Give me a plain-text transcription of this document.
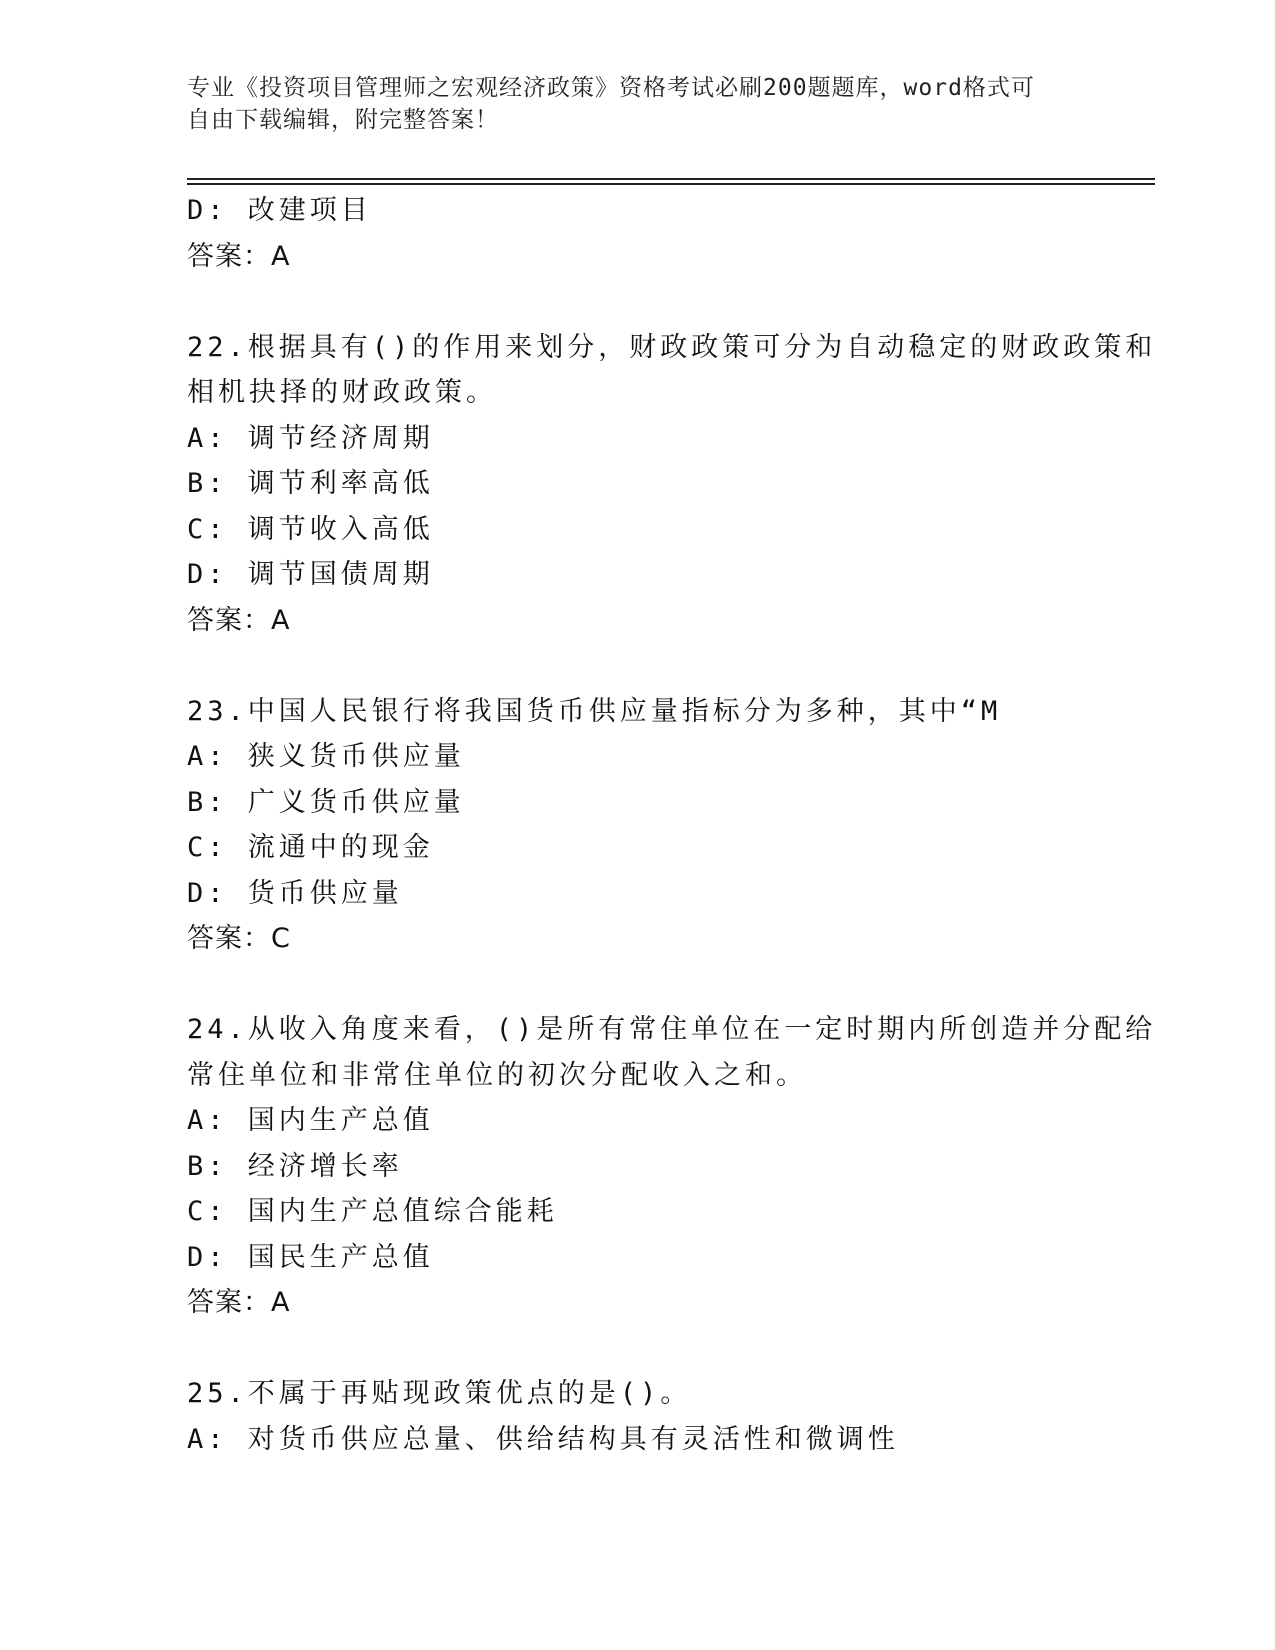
专业《投资项目管理师之宏观经济政策》资格考试必刷200题题库，word格式可
自由下载编辑，附完整答案！
D: 改建项目
答案：A
22.根据具有()的作用来划分，财政政策可分为自动稳定的财政政策和
相机抉择的财政政策。
A: 调节经济周期
B: 调节利率高低
C: 调节收入高低
D: 调节国债周期
答案：A
23.中国人民银行将我国货币供应量指标分为多种，其中“M
A: 狭义货币供应量
B: 广义货币供应量
C: 流通中的现金
D: 货币供应量
答案：C
24.从收入角度来看，()是所有常住单位在一定时期内所创造并分配给
常住单位和非常住单位的初次分配收入之和。
A: 国内生产总值
B: 经济增长率
C: 国内生产总值综合能耗
D: 国民生产总值
答案：A
25.不属于再贴现政策优点的是()。
A: 对货币供应总量、供给结构具有灵活性和微调性
